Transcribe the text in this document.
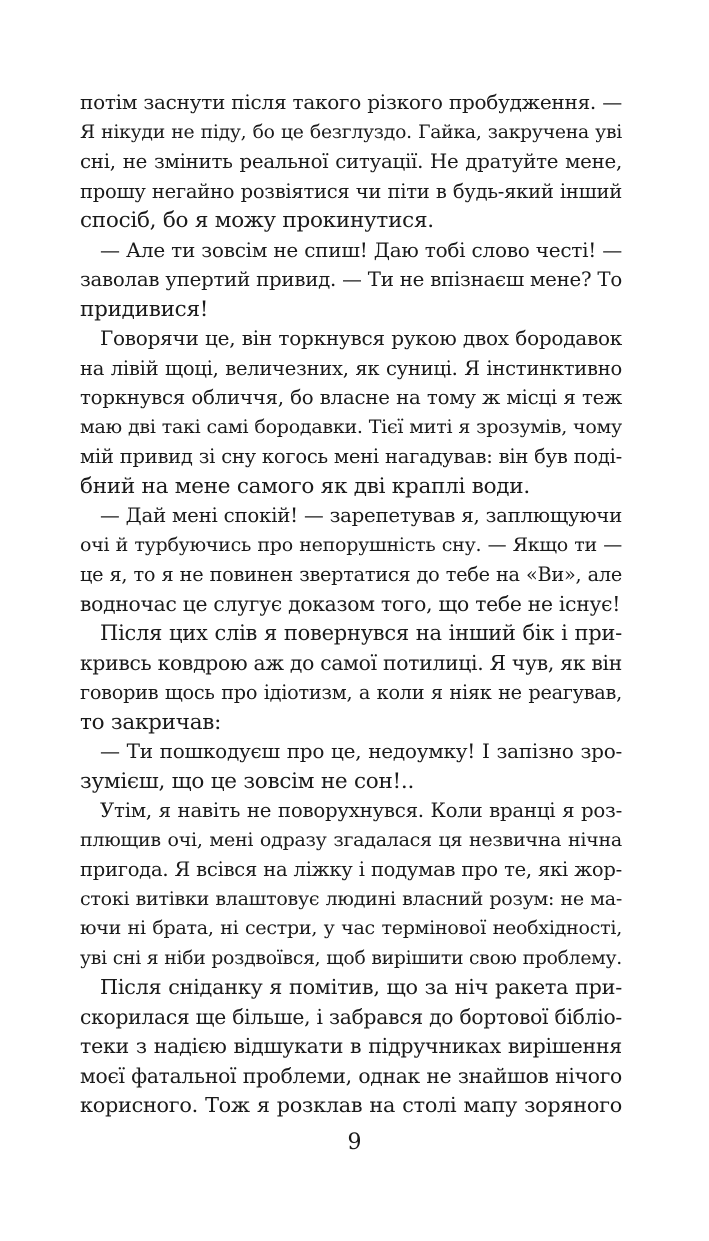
потім заснути після такого різкого пробудження. —
Я нікуди не піду, бо це безглуздо. Гайка, закручена уві
сні, не змінить реальної ситуації. Не дратуйте мене,
прошу негайно розвіятися чи піти в будь-який інший
спосіб, бо я можу прокинутися.
— Але ти зовсім не спиш! Даю тобі слово честі! —
заволав упертий привид. — Ти не впізнаєш мене? То
придивися!
Говорячи це, він торкнувся рукою двох бородавок
на лівій щоці, величезних, як суниці. Я інстинктивно
торкнувся обличчя, бо власне на тому ж місці я теж
маю дві такі самі бородавки. Тієї миті я зрозумів, чому
мій привид зі сну когось мені нагадував: він був поді-
бний на мене самого як дві краплі води.
— Дай мені спокій! — зарепетував я, заплющуючи
очі й турбуючись про непорушність сну. — Якщо ти —
це я, то я не повинен звертатися до тебе на «Ви», але
водночас це слугує доказом того, що тебе не існує!
Після цих слів я повернувся на інший бік і при-
кривсь ковдрою аж до самої потилиці. Я чув, як він
говорив щось про ідіотизм, а коли я ніяк не реагував,
то закричав:
— Ти пошкодуєш про це, недоумку! І запізно зро-
зумієш, що це зовсім не сон!..
Утім, я навіть не поворухнувся. Коли вранці я роз-
плющив очі, мені одразу згадалася ця незвична нічна
пригода. Я всівся на ліжку і подумав про те, які жор-
стокі витівки влаштовує людині власний розум: не ма-
ючи ні брата, ні сестри, у час термінової необхідності,
уві сні я ніби роздвоївся, щоб вирішити свою проблему.
Після сніданку я помітив, що за ніч ракета при-
скорилася ще більше, і забрався до бортової бібліо-
теки з надією відшукати в підручниках вирішення
моєї фатальної проблеми, однак не знайшов нічого
корисного. Тож я розклав на столі мапу зоряного
9
